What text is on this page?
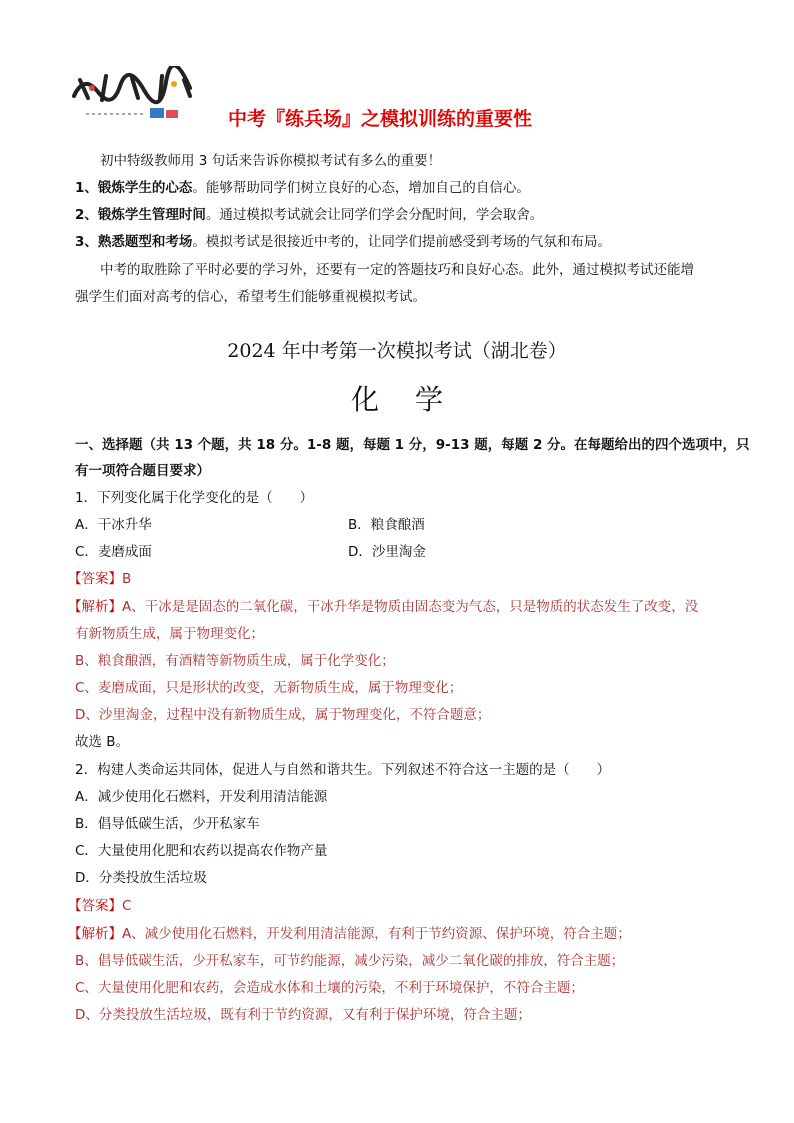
中考『练兵场』之模拟训练的重要性
初中特级教师用 3 句话来告诉你模拟考试有多么的重要！
1、锻炼学生的心态。能够帮助同学们树立良好的心态，增加自己的自信心。
2、锻炼学生管理时间。通过模拟考试就会让同学们学会分配时间，学会取舍。
3、熟悉题型和考场。模拟考试是很接近中考的，让同学们提前感受到考场的气氛和布局。
中考的取胜除了平时必要的学习外，还要有一定的答题技巧和良好心态。此外，通过模拟考试还能增
强学生们面对高考的信心，希望考生们能够重视模拟考试。
2024 年中考第一次模拟考试（湖北卷）
化学
一、选择题（共 13 个题，共 18 分。1-8 题，每题 1 分，9-13 题，每题 2 分。在每题给出的四个选项中，只
有一项符合题目要求）
1．下列变化属于化学变化的是（　　）
A．干冰升华	B．粮食酿酒
C．麦磨成面	D．沙里淘金
【答案】B
【解析】A、干冰是是固态的二氧化碳，干冰升华是物质由固态变为气态，只是物质的状态发生了改变，没
有新物质生成，属于物理变化；
B、粮食酿酒，有酒精等新物质生成，属于化学变化；
C、麦磨成面，只是形状的改变，无新物质生成，属于物理变化；
D、沙里淘金，过程中没有新物质生成，属于物理变化，不符合题意；
故选 B。
2．构建人类命运共同体，促进人与自然和谐共生。下列叙述不符合这一主题的是（　　）
A．减少使用化石燃料，开发利用清洁能源
B．倡导低碳生活，少开私家车
C．大量使用化肥和农药以提高农作物产量
D．分类投放生活垃圾
【答案】C
【解析】A、减少使用化石燃料，开发利用清洁能源，有利于节约资源、保护环境，符合主题；
B、倡导低碳生活，少开私家车，可节约能源，减少污染，减少二氧化碳的排放，符合主题；
C、大量使用化肥和农药，会造成水体和土壤的污染，不利于环境保护，不符合主题；
D、分类投放生活垃圾，既有利于节约资源，又有利于保护环境，符合主题；
